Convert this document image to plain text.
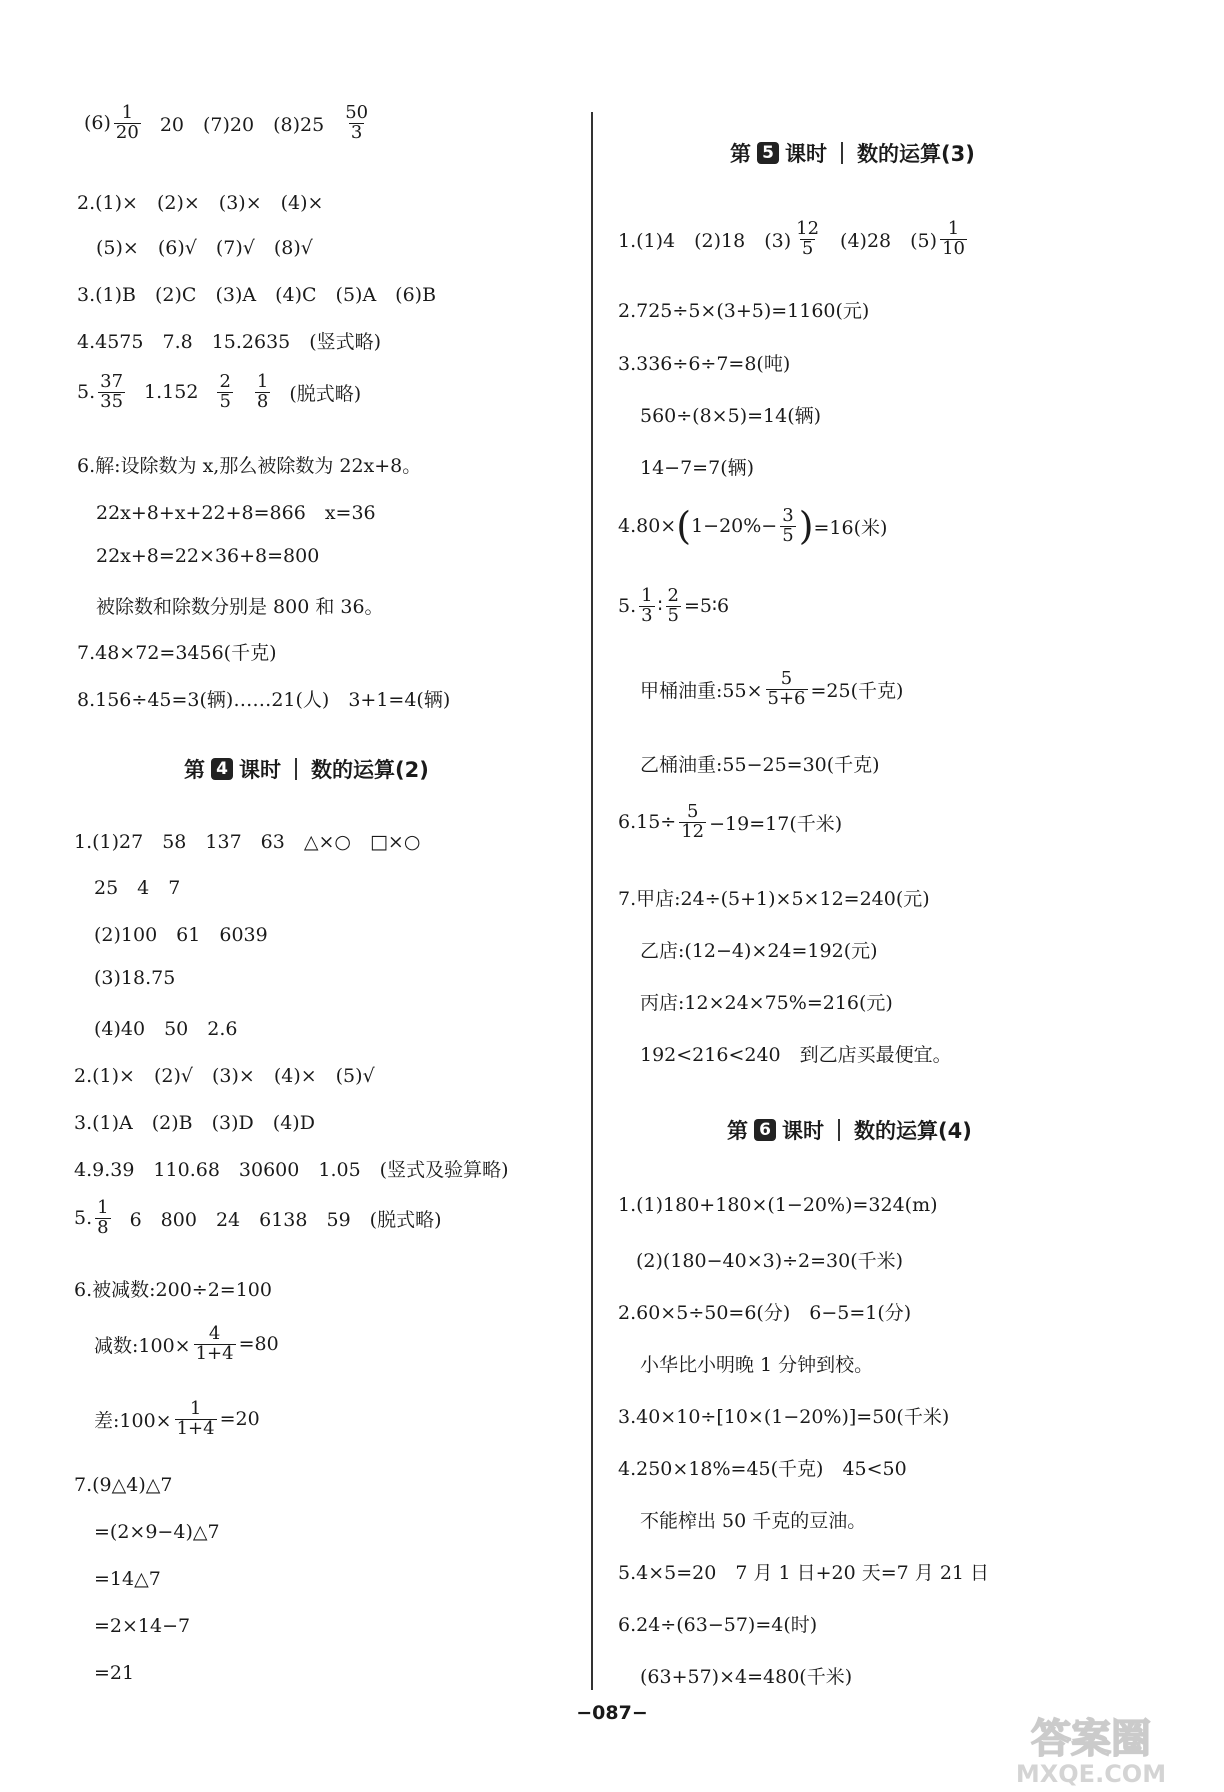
$(6) \frac{1}{20} 20$　(7)20　$(8)25 \frac{50}{3}$
2.(1)×　(2)×　(3)×　(4)×
(5)×　(6)√　(7)√　(8)√
3.(1)B　(2)C　(3)A　(4)C　(5)A　(6)B
4.4575　7.8　15.2635　(竖式略)
5. $\frac{37}{35} 1.152 \frac{2}{5} \frac{1}{8}$ (脱式略)
6.解:设除数为 x,那么被除数为 22x+8。
22x+8+x+22+8=866　x=36
22x+8=22×36+8=800
被除数和除数分别是 800 和 36。
7.48×72=3456(千克)
8.156÷45=3(辆)……21(人)　3+1=4(辆)
第 4 课时 数的运算(2)
1.(1)27　58　137　63　△×○　□×○
25　4　7
(2)100　61　6039
(3)18.75
(4)40　50　2.6
2.(1)×　(2)√　(3)×　(4)×　(5)√
3.(1)A　(2)B　(3)D　(4)D
4.9.39　110.68　30600　1.05　(竖式及验算略)
5. $\frac{1}{8} 6$　800　24　6138　59　(脱式略)
6.被减数:200÷2=100
减数:100× $\frac{4}{1+4} =80$
差:100× $\frac{1}{1+4} =20$
7.(9△4)△7
=(2×9−4)△7
=14△7
=2×14−7
=21
第 5 课时 数的运算(3)
1.(1)4　(2)18　$(3) \frac{12}{5} (4)28$　$(5) \frac{1}{10}$
2.725÷5×(3+5)=1160(元)
3.336÷6÷7=8(吨)
560÷(8×5)=14(辆)
14−7=7(辆)
4.80× ( $1-20\%- \frac{3}{5}$ ) =16(米)
5. $\frac{1}{3}$ ∶ $\frac{2}{5}$ =5∶6
甲桶油重:55× $\frac{5}{5+6} =25$(千克)
乙桶油重:55−25=30(千克)
$6.15\div \frac{5}{12} -19=17$(千米)
7.甲店:24÷(5+1)×5×12=240(元)
乙店:(12−4)×24=192(元)
丙店:12×24×75%=216(元)
192<216<240　到乙店买最便宜。
第 6 课时 数的运算(4)
1.(1)180+180×(1−20%)=324(m)
(2)(180−40×3)÷2=30(千米)
2.60×5÷50=6(分)　6−5=1(分)
小华比小明晚 1 分钟到校。
3.40×10÷[10×(1−20%)]=50(千米)
4.250×18%=45(千克)　45<50
不能榨出 50 千克的豆油。
5.4×5=20　7 月 1 日+20 天=7 月 21 日
6.24÷(63−57)=4(时)
(63+57)×4=480(千米)
−087−
答案圈
MXQE.COM
